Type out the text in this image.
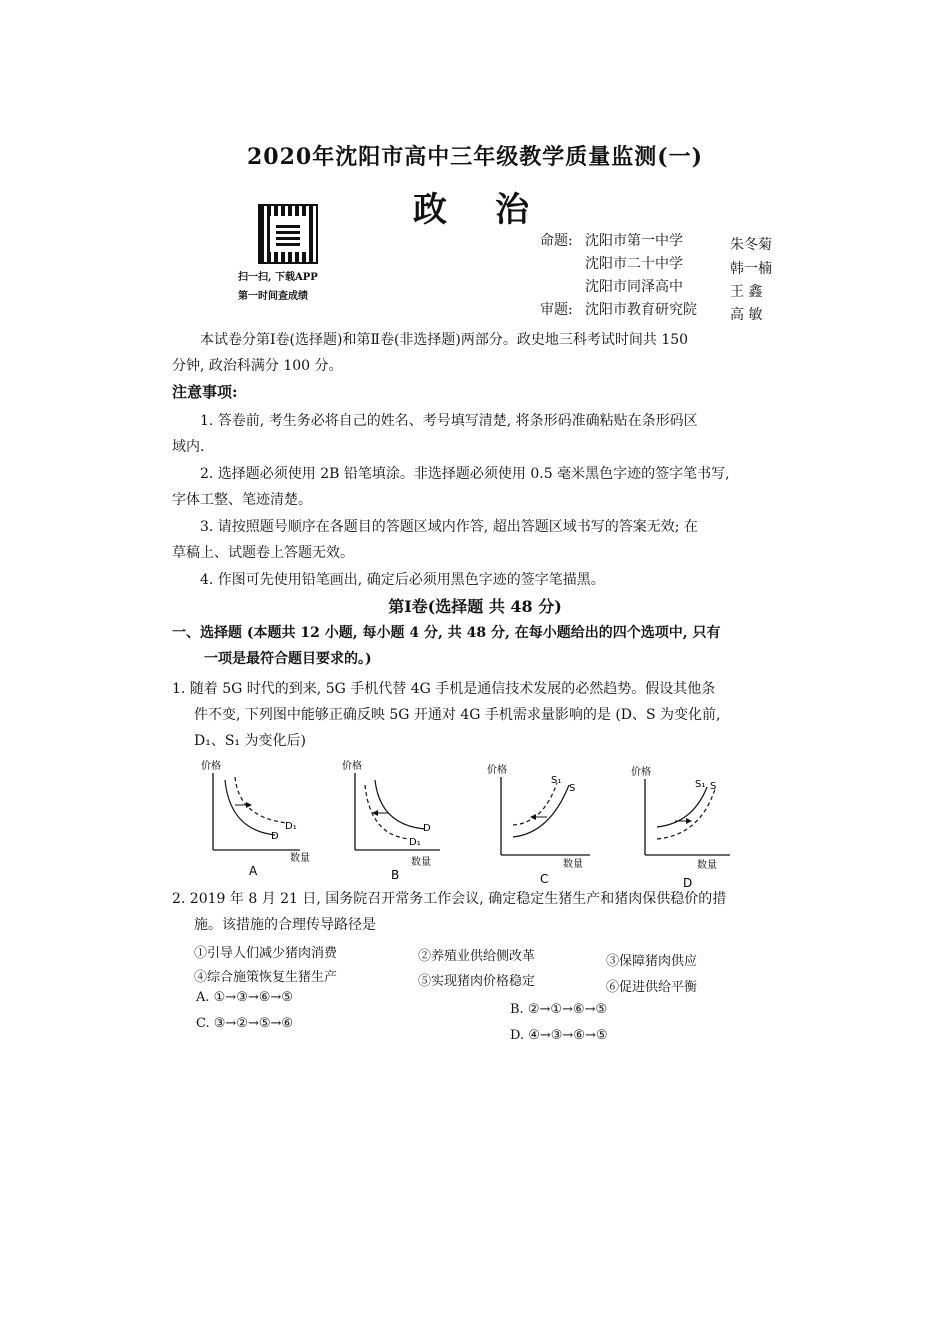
2020年沈阳市高中三年级教学质量监测(一)
政治
扫一扫, 下载APP
第一时间查成绩
命题: 沈阳市第一中学	朱冬菊
沈阳市二十中学	韩一楠
沈阳市同泽高中	王 鑫
审题: 沈阳市教育研究院 高 敏
本试卷分第Ⅰ卷(选择题)和第Ⅱ卷(非选择题)两部分。政史地三科考试时间共 150
分钟, 政治科满分 100 分。
注意事项:
1. 答卷前, 考生务必将自己的姓名、考号填写清楚, 将条形码准确粘贴在条形码区
域内.
2. 选择题必须使用 2B 铅笔填涂。非选择题必须使用 0.5 毫米黑色字迹的签字笔书写,
字体工整、笔迹清楚。
3. 请按照题号顺序在各题目的答题区域内作答, 超出答题区域书写的答案无效; 在
草稿上、试题卷上答题无效。
4. 作图可先使用铅笔画出, 确定后必须用黑色字迹的签字笔描黑。
第Ⅰ卷(选择题 共 48 分)
一、选择题 (本题共 12 小题, 每小题 4 分, 共 48 分, 在每小题给出的四个选项中, 只有
一项是最符合题目要求的。)
1. 随着 5G 时代的到来, 5G 手机代替 4G 手机是通信技术发展的必然趋势。假设其他条
件不变, 下列图中能够正确反映 5G 开通对 4G 手机需求量影响的是 (D、S 为变化前,
D₁、S₁ 为变化后)
价格
D₁
D
数量
A
价格
D
D₁
数量
B
价格
S₁
S
数量
C
价格
S₁ S
数量
D
2. 2019 年 8 月 21 日, 国务院召开常务工作会议, 确定稳定生猪生产和猪肉保供稳价的措
施。该措施的合理传导路径是
①引导人们减少猪肉消费	②养殖业供给侧改革	③保障猪肉供应
④综合施策恢复生猪生产	⑤实现猪肉价格稳定	⑥促进供给平衡
A. ①→③→⑥→⑤
B. ②→①→⑥→⑤
C. ③→②→⑤→⑥
D. ④→③→⑥→⑤
